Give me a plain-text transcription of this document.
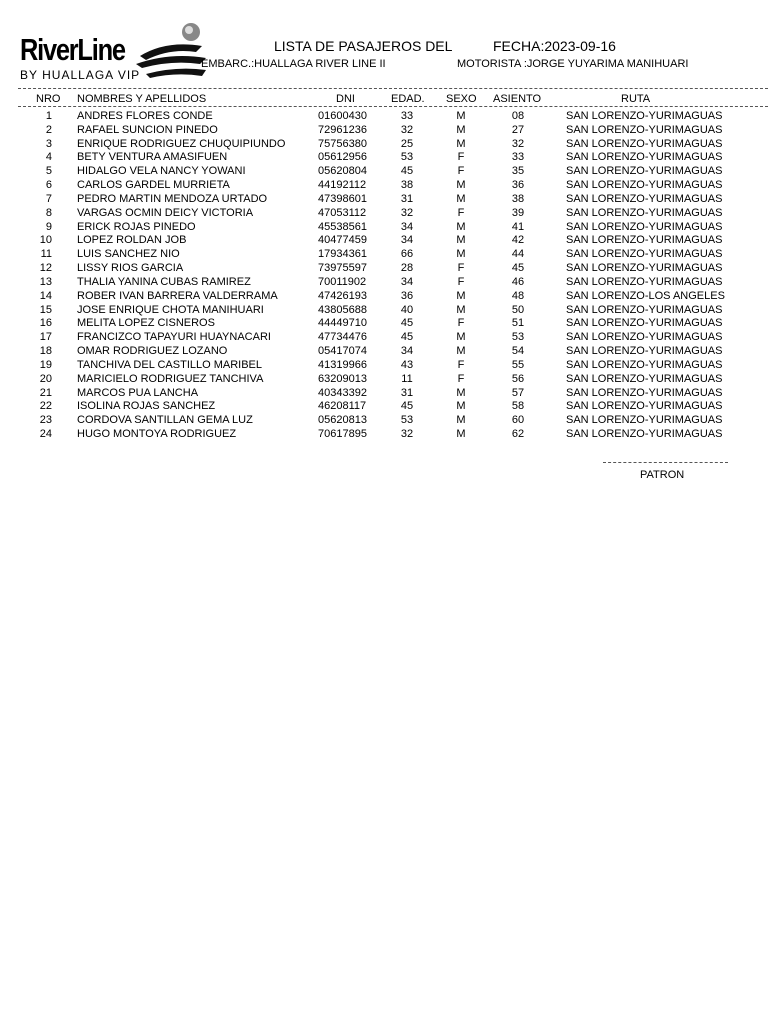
RiverLine
BY HUALLAGA VIP
LISTA DE PASAJEROS DEL	FECHA:2023-09-16
EMBARC.:HUALLAGA RIVER LINE II	MOTORISTA :JORGE YUYARIMA MANIHUARI
NRO NOMBRES Y APELLIDOS	DNI	EDAD. SEXO ASIENTO	RUTA
1 ANDRES FLORES CONDE	01600430	33	M	08	SAN LORENZO-YURIMAGUAS
2 RAFAEL SUNCION PINEDO	72961236	32	M	27	SAN LORENZO-YURIMAGUAS
3 ENRIQUE RODRIGUEZ CHUQUIPIUNDO	75756380	25	M	32	SAN LORENZO-YURIMAGUAS
4 BETY VENTURA AMASIFUEN	05612956	53	F	33	SAN LORENZO-YURIMAGUAS
5 HIDALGO VELA NANCY YOWANI	05620804	45	F	35	SAN LORENZO-YURIMAGUAS
6 CARLOS GARDEL MURRIETA	44192112	38	M	36	SAN LORENZO-YURIMAGUAS
7 PEDRO MARTIN MENDOZA URTADO	47398601	31	M	38	SAN LORENZO-YURIMAGUAS
8 VARGAS OCMIN DEICY VICTORIA	47053112	32	F	39	SAN LORENZO-YURIMAGUAS
9 ERICK ROJAS PINEDO	45538561	34	M	41	SAN LORENZO-YURIMAGUAS
10 LOPEZ ROLDAN JOB	40477459	34	M	42	SAN LORENZO-YURIMAGUAS
11 LUIS SANCHEZ NIO	17934361	66	M	44	SAN LORENZO-YURIMAGUAS
12 LISSY RIOS GARCIA	73975597	28	F	45	SAN LORENZO-YURIMAGUAS
13 THALIA YANINA CUBAS RAMIREZ	70011902	34	F	46	SAN LORENZO-YURIMAGUAS
14 ROBER IVAN BARRERA VALDERRAMA	47426193	36	M	48	SAN LORENZO-LOS ANGELES
15 JOSE ENRIQUE CHOTA MANIHUARI	43805688	40	M	50	SAN LORENZO-YURIMAGUAS
16 MELITA LOPEZ CISNEROS	44449710	45	F	51	SAN LORENZO-YURIMAGUAS
17 FRANCIZCO TAPAYURI HUAYNACARI	47734476	45	M	53	SAN LORENZO-YURIMAGUAS
18 OMAR RODRIGUEZ LOZANO	05417074	34	M	54	SAN LORENZO-YURIMAGUAS
19 TANCHIVA DEL CASTILLO MARIBEL	41319966	43	F	55	SAN LORENZO-YURIMAGUAS
20 MARICIELO RODRIGUEZ TANCHIVA	63209013	11	F	56	SAN LORENZO-YURIMAGUAS
21 MARCOS PUA LANCHA	40343392	31	M	57	SAN LORENZO-YURIMAGUAS
22 ISOLINA ROJAS SANCHEZ	46208117	45	M	58	SAN LORENZO-YURIMAGUAS
23 CORDOVA SANTILLAN GEMA LUZ	05620813	53	M	60	SAN LORENZO-YURIMAGUAS
24 HUGO MONTOYA RODRIGUEZ	70617895	32	M	62	SAN LORENZO-YURIMAGUAS
PATRON
